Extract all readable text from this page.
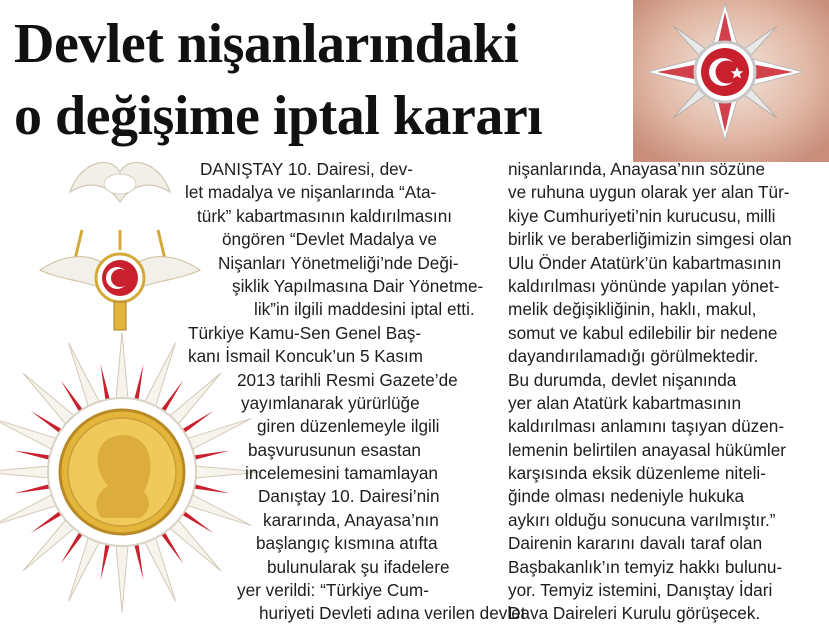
Devlet nişanlarındaki
o değişime iptal kararı
DANIŞTAY 10. Dairesi, dev-
let madalya ve nişanlarında “Ata-
türk” kabartmasının kaldırılmasını
öngören “Devlet Madalya ve
Nişanları Yönetmeliği’nde Deği-
şiklik Yapılmasına Dair Yönetme-
lik”in ilgili maddesini iptal etti.
Türkiye Kamu-Sen Genel Baş-
kanı İsmail Koncuk’un 5 Kasım
2013 tarihli Resmi Gazete’de
yayımlanarak yürürlüğe
giren düzenlemeyle ilgili
başvurusunun esastan
incelemesini tamamlayan
Danıştay 10. Dairesi’nin
kararında, Anayasa’nın
başlangıç kısmına atıfta
bulunularak şu ifadelere
yer verildi: “Türkiye Cum-
huriyeti Devleti adına verilen devlet
nişanlarında, Anayasa’nın sözüne
ve ruhuna uygun olarak yer alan Tür-
kiye Cumhuriyeti’nin kurucusu, milli
birlik ve beraberliğimizin simgesi olan
Ulu Önder Atatürk’ün kabartmasının
kaldırılması yönünde yapılan yönet-
melik değişikliğinin, haklı, makul,
somut ve kabul edilebilir bir nedene
dayandırılamadığı görülmektedir.
Bu durumda, devlet nişanında
yer alan Atatürk kabartmasının
kaldırılması anlamını taşıyan düzen-
lemenin belirtilen anayasal hükümler
karşısında eksik düzenleme niteli-
ğinde olması nedeniyle hukuka
aykırı olduğu sonucuna varılmıştır.”
Dairenin kararını davalı taraf olan
Başbakanlık’ın temyiz hakkı bulunu-
yor. Temyiz istemini, Danıştay İdari
Dava Daireleri Kurulu görüşecek.
